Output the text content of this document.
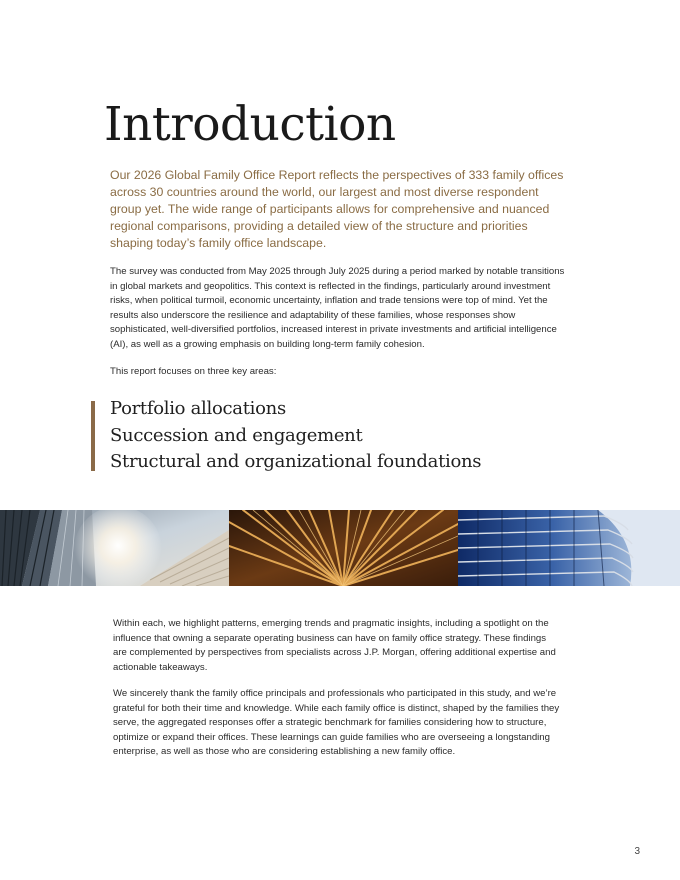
Introduction

Our 2026 Global Family Office Report reflects the perspectives of 333 family offices across 30 countries around the world, our largest and most diverse respondent group yet. The wide range of participants allows for comprehensive and nuanced regional comparisons, providing a detailed view of the structure and priorities shaping today’s family office landscape.

The survey was conducted from May 2025 through July 2025 during a period marked by notable transitions in global markets and geopolitics. This context is reflected in the findings, particularly around investment risks, when political turmoil, economic uncertainty, inflation and trade tensions were top of mind. Yet the results also underscore the resilience and adaptability of these families, whose responses show sophisticated, well-diversified portfolios, increased interest in private investments and artificial intelligence (AI), as well as a growing emphasis on building long-term family cohesion.

This report focuses on three key areas:

Portfolio allocations
Succession and engagement
Structural and organizational foundations

Within each, we highlight patterns, emerging trends and pragmatic insights, including a spotlight on the influence that owning a separate operating business can have on family office strategy. These findings are complemented by perspectives from specialists across J.P. Morgan, offering additional expertise and actionable takeaways.

We sincerely thank the family office principals and professionals who participated in this study, and we’re grateful for both their time and knowledge. While each family office is distinct, shaped by the families they serve, the aggregated responses offer a strategic benchmark for families considering how to structure, optimize or expand their offices. These learnings can guide families who are overseeing a longstanding enterprise, as well as those who are considering establishing a new family office.

3
